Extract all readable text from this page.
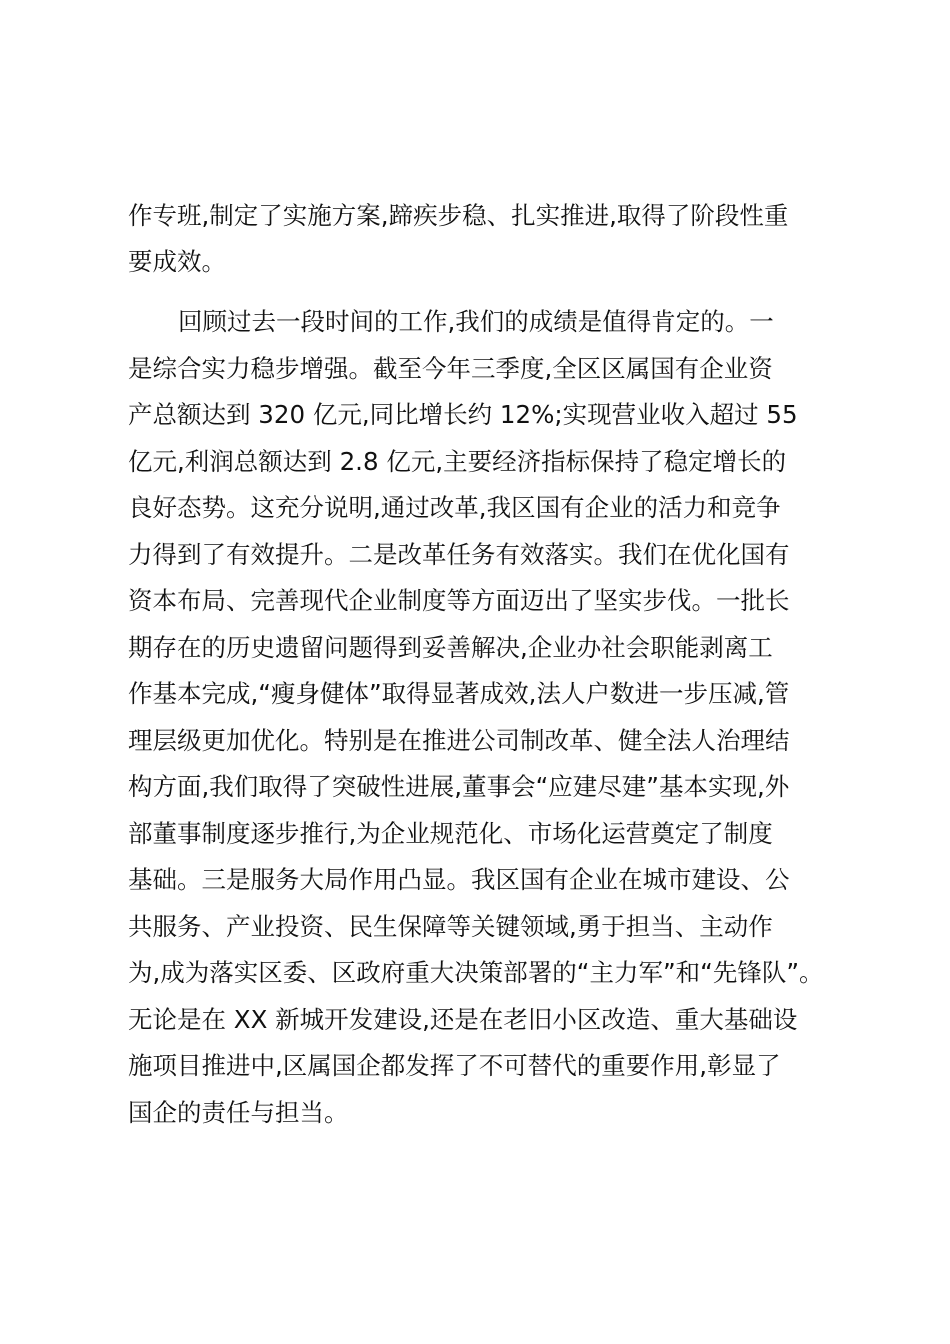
作专班,制定了实施方案,蹄疾步稳、扎实推进,取得了阶段性重

要成效。

回顾过去一段时间的工作,我们的成绩是值得肯定的。一

是综合实力稳步增强。截至今年三季度,全区区属国有企业资

产总额达到 320 亿元,同比增长约 12%;实现营业收入超过 55

亿元,利润总额达到 2.8 亿元,主要经济指标保持了稳定增长的

良好态势。这充分说明,通过改革,我区国有企业的活力和竞争

力得到了有效提升。二是改革任务有效落实。我们在优化国有

资本布局、完善现代企业制度等方面迈出了坚实步伐。一批长

期存在的历史遗留问题得到妥善解决,企业办社会职能剥离工

作基本完成,“瘦身健体”取得显著成效,法人户数进一步压减,管

理层级更加优化。特别是在推进公司制改革、健全法人治理结

构方面,我们取得了突破性进展,董事会“应建尽建”基本实现,外

部董事制度逐步推行,为企业规范化、市场化运营奠定了制度

基础。三是服务大局作用凸显。我区国有企业在城市建设、公

共服务、产业投资、民生保障等关键领域,勇于担当、主动作

为,成为落实区委、区政府重大决策部署的“主力军”和“先锋队”。

无论是在 XX 新城开发建设,还是在老旧小区改造、重大基础设

施项目推进中,区属国企都发挥了不可替代的重要作用,彰显了

国企的责任与担当。
